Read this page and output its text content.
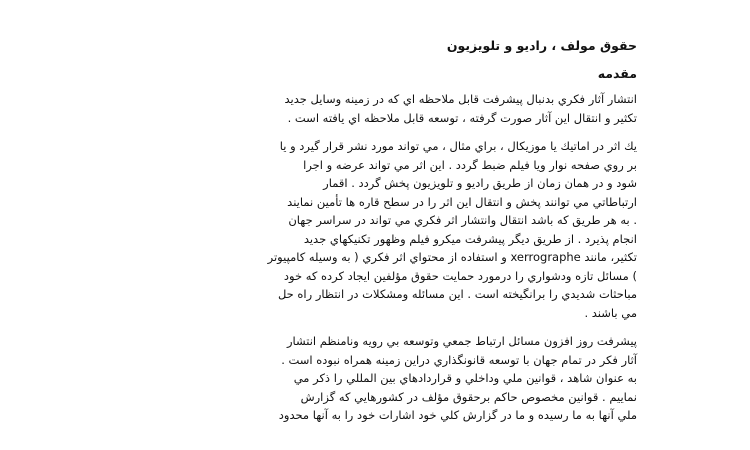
حقوق مولف ، راديو و تلويزيون
مقدمه
انتشار آثار فكري بدنبال پيشرفت قابل ملاحظه اي كه در زمينه وسايل جديد
تكثير و انتقال اين آثار صورت گرفته ، توسعه قابل ملاحظه اي يافته است .
يك اثر در اماتيك يا موزيكال ، براي مثال ، مي تواند مورد نشر قرار گيرد و يا
بر روي صفحه نوار ويا فيلم ضبط گردد . اين اثر مي تواند عرضه و اجرا
شود و در همان زمان از طريق راديو و تلويزيون پخش گردد . اقمار
ارتباطاتي مي توانند پخش و انتقال اين اثر را در سطح قاره ها تأمين نمايند
. به هر طريق كه باشد انتقال وانتشار اثر فكري مي تواند در سراسر جهان
انجام پذيرد . از طريق ديگر پيشرفت ميكرو فيلم وظهور تكنيكهاي جديد
تكثير، مانند xerrographe و استفاده از محتواي اثر فكري ( به وسيله كامپيوتر
) مسائل تازه ودشواري را درمورد حمايت حقوق مؤلفين ايجاد كرده كه خود
مباحثات شديدي را برانگيخته است . اين مسائله ومشكلات در انتظار راه حل
مي باشند .
پيشرفت روز افزون مسائل ارتباط جمعي وتوسعه بي رويه ونامنظم انتشار
آثار فكر در تمام جهان با توسعه قانونگذاري دراين زمينه همراه نبوده است .
به عنوان شاهد ، قوانين ملي وداخلي و قراردادهاي بين المللي را ذكر مي
نماييم . قوانين مخصوص حاكم برحقوق مؤلف در كشورهايي كه گزارش
ملي آنها به ما رسيده و ما در گزارش كلي خود اشارات خود را به آنها محدود
